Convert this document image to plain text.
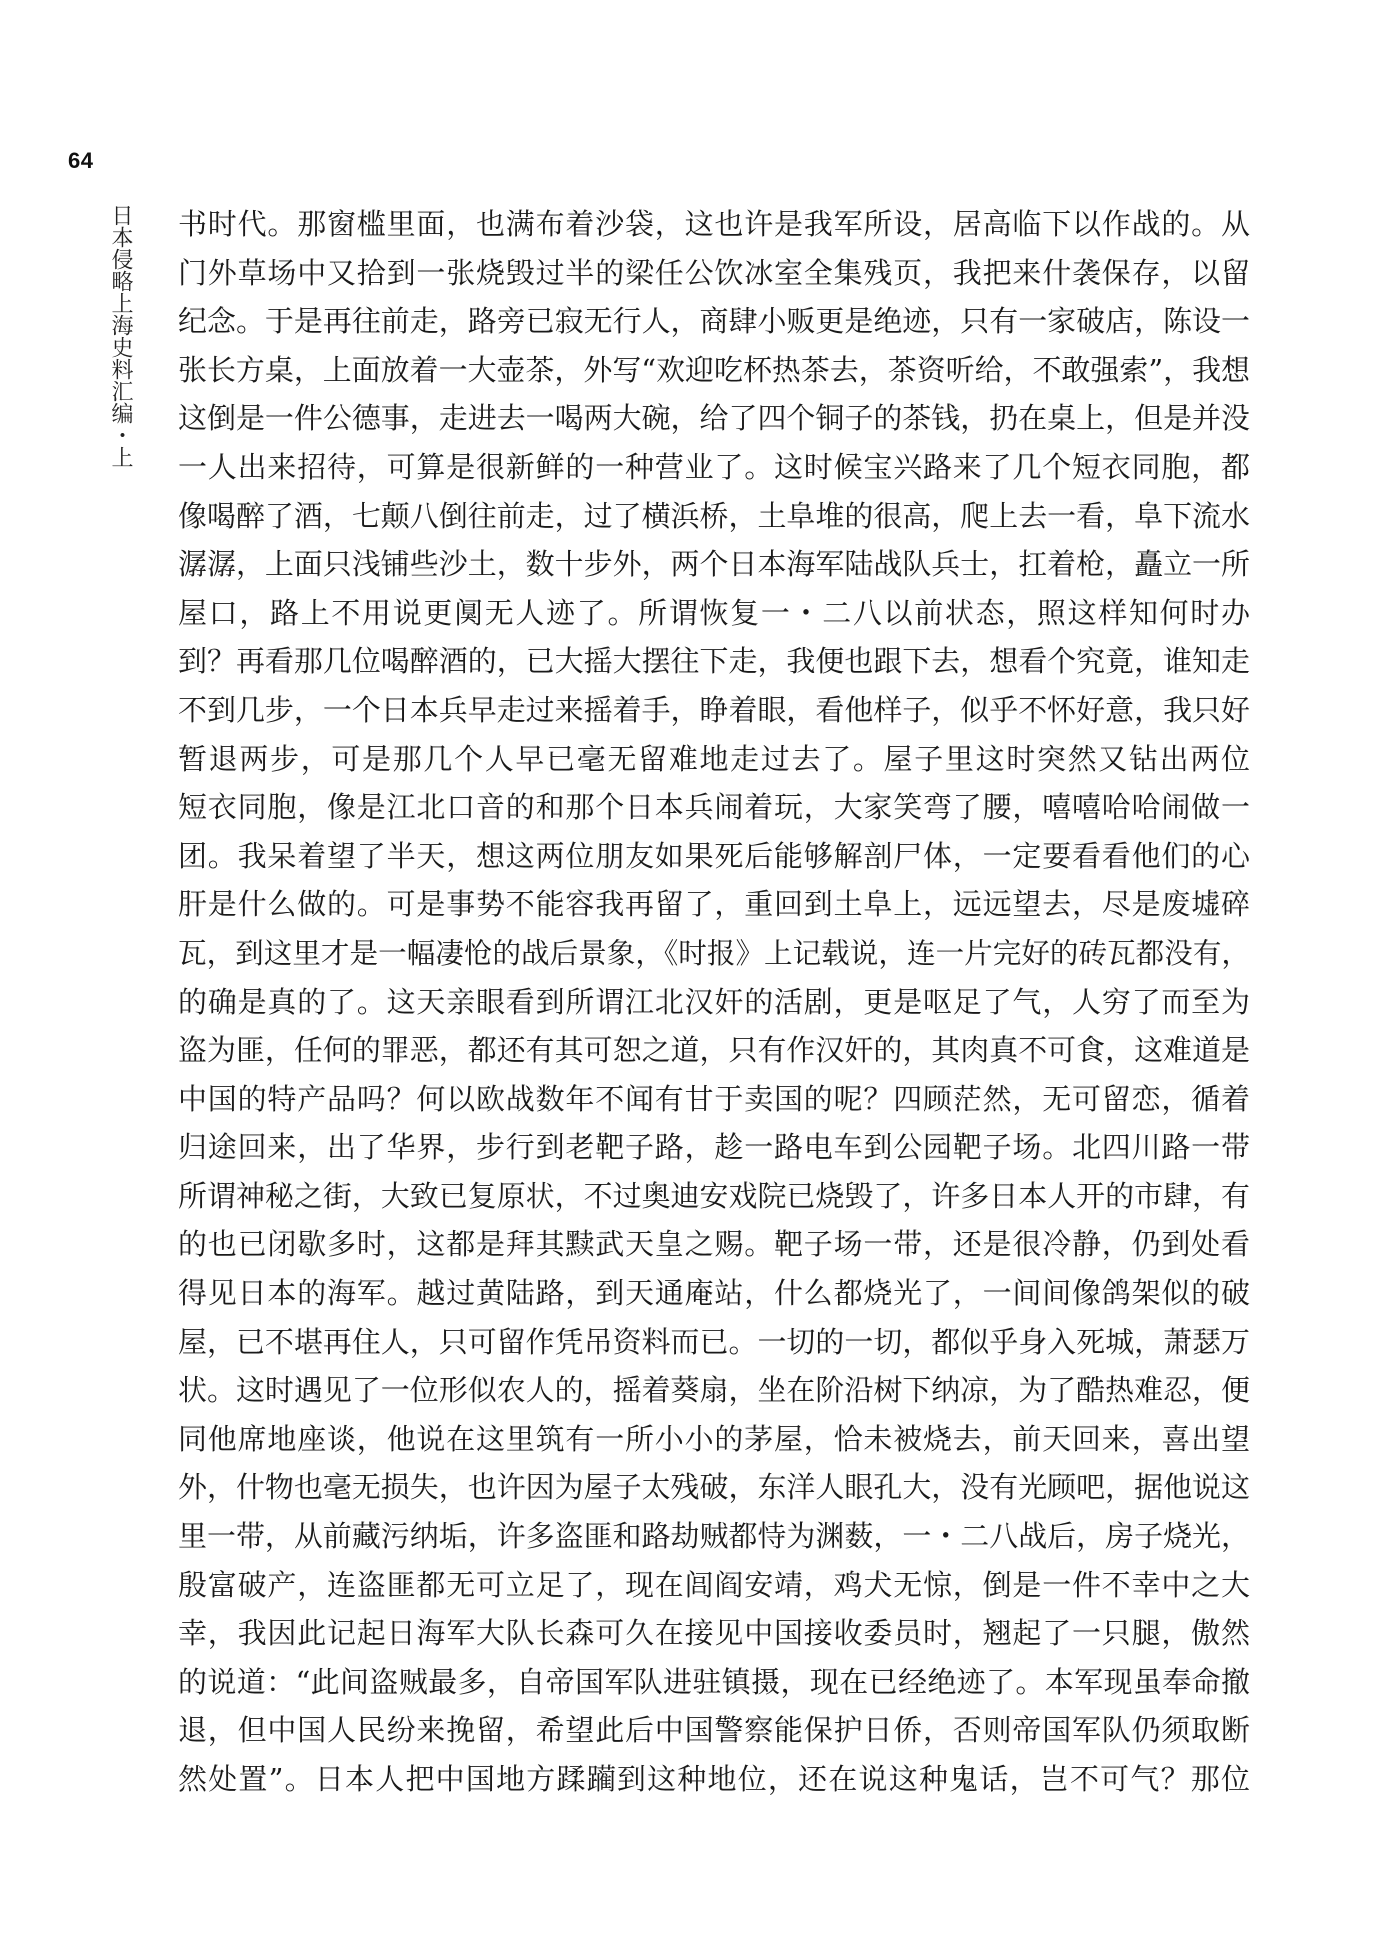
64
日本侵略上海史料汇编・上 书时代。那窗槛里面，也满布着沙袋，这也许是我军所设，居高临下以作战的。从
门外草场中又拾到一张烧毁过半的梁任公饮冰室全集残页，我把来什袭保存，以留
纪念。于是再往前走，路旁已寂无行人，商肆小贩更是绝迹，只有一家破店，陈设一
张长方桌，上面放着一大壶茶，外写“欢迎吃杯热茶去，茶资听给，不敢强索”，我想
这倒是一件公德事，走进去一喝两大碗，给了四个铜子的茶钱，扔在桌上，但是并没
一人出来招待，可算是很新鲜的一种营业了。这时候宝兴路来了几个短衣同胞，都
像喝醉了酒，七颠八倒往前走，过了横浜桥，土阜堆的很高，爬上去一看，阜下流水
潺潺，上面只浅铺些沙土，数十步外，两个日本海军陆战队兵士，扛着枪，矗立一所
屋口，路上不用说更阒无人迹了。所谓恢复一・二八以前状态，照这样知何时办
到？再看那几位喝醉酒的，已大摇大摆往下走，我便也跟下去，想看个究竟，谁知走
不到几步，一个日本兵早走过来摇着手，睁着眼，看他样子，似乎不怀好意，我只好
暂退两步，可是那几个人早已毫无留难地走过去了。屋子里这时突然又钻出两位
短衣同胞，像是江北口音的和那个日本兵闹着玩，大家笑弯了腰，嘻嘻哈哈闹做一
团。我呆着望了半天，想这两位朋友如果死后能够解剖尸体，一定要看看他们的心
肝是什么做的。可是事势不能容我再留了，重回到土阜上，远远望去，尽是废墟碎
瓦，到这里才是一幅凄怆的战后景象，《时报》上记载说，连一片完好的砖瓦都没有，
的确是真的了。这天亲眼看到所谓江北汉奸的活剧，更是呕足了气，人穷了而至为
盗为匪，任何的罪恶，都还有其可恕之道，只有作汉奸的，其肉真不可食，这难道是
中国的特产品吗？何以欧战数年不闻有甘于卖国的呢？四顾茫然，无可留恋，循着
归途回来，出了华界，步行到老靶子路，趁一路电车到公园靶子场。北四川路一带
所谓神秘之街，大致已复原状，不过奥迪安戏院已烧毁了，许多日本人开的市肆，有
的也已闭歇多时，这都是拜其黩武天皇之赐。靶子场一带，还是很冷静，仍到处看
得见日本的海军。越过黄陆路，到天通庵站，什么都烧光了，一间间像鸽架似的破
屋，已不堪再住人，只可留作凭吊资料而已。一切的一切，都似乎身入死城，萧瑟万
状。这时遇见了一位形似农人的，摇着葵扇，坐在阶沿树下纳凉，为了酷热难忍，便
同他席地座谈，他说在这里筑有一所小小的茅屋，恰未被烧去，前天回来，喜出望
外，什物也毫无损失，也许因为屋子太残破，东洋人眼孔大，没有光顾吧，据他说这
里一带，从前藏污纳垢，许多盗匪和路劫贼都恃为渊薮，一・二八战后，房子烧光，
殷富破产，连盗匪都无可立足了，现在闾阎安靖，鸡犬无惊，倒是一件不幸中之大
幸，我因此记起日海军大队长森可久在接见中国接收委员时，翘起了一只腿，傲然
的说道：“此间盗贼最多，自帝国军队进驻镇摄，现在已经绝迹了。本军现虽奉命撤
退，但中国人民纷来挽留，希望此后中国警察能保护日侨，否则帝国军队仍须取断
然处置”。日本人把中国地方蹂躏到这种地位，还在说这种鬼话，岂不可气？那位
